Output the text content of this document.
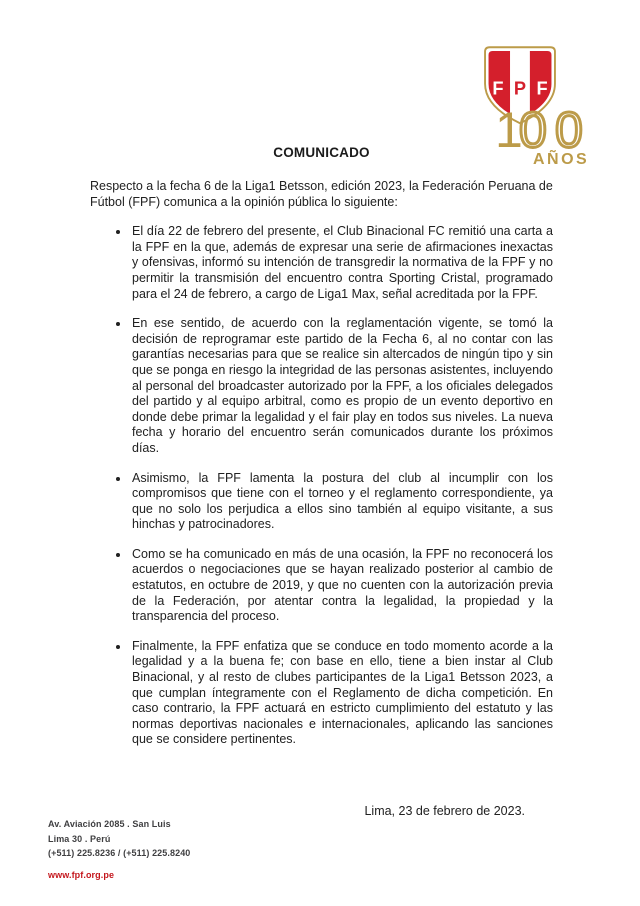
F P F
1
0 0
AÑOS
COMUNICADO

Respecto a la fecha 6 de la Liga1 Betsson, edición 2023, la Federación Peruana de Fútbol (FPF) comunica a la opinión pública lo siguiente:

• El día 22 de febrero del presente, el Club Binacional FC remitió una carta a la FPF en la que, además de expresar una serie de afirmaciones inexactas y ofensivas, informó su intención de transgredir la normativa de la FPF y no permitir la transmisión del encuentro contra Sporting Cristal, programado para el 24 de febrero, a cargo de Liga1 Max, señal acreditada por la FPF.
• En ese sentido, de acuerdo con la reglamentación vigente, se tomó la decisión de reprogramar este partido de la Fecha 6, al no contar con las garantías necesarias para que se realice sin altercados de ningún tipo y sin que se ponga en riesgo la integridad de las personas asistentes, incluyendo al personal del broadcaster autorizado por la FPF, a los oficiales delegados del partido y al equipo arbitral, como es propio de un evento deportivo en donde debe primar la legalidad y el fair play en todos sus niveles. La nueva fecha y horario del encuentro serán comunicados durante los próximos días.
• Asimismo, la FPF lamenta la postura del club al incumplir con los compromisos que tiene con el torneo y el reglamento correspondiente, ya que no solo los perjudica a ellos sino también al equipo visitante, a sus hinchas y patrocinadores.
• Como se ha comunicado en más de una ocasión, la FPF no reconocerá los acuerdos o negociaciones que se hayan realizado posterior al cambio de estatutos, en octubre de 2019, y que no cuenten con la autorización previa de la Federación, por atentar contra la legalidad, la propiedad y la transparencia del proceso.
• Finalmente, la FPF enfatiza que se conduce en todo momento acorde a la legalidad y a la buena fe; con base en ello, tiene a bien instar al Club Binacional, y al resto de clubes participantes de la Liga1 Betsson 2023, a que cumplan íntegramente con el Reglamento de dicha competición. En caso contrario, la FPF actuará en estricto cumplimiento del estatuto y las normas deportivas nacionales e internacionales, aplicando las sanciones que se considere pertinentes.
Lima, 23 de febrero de 2023.
Av. Aviación 2085 . San Luis
Lima 30 . Perú
(+511) 225.8236 / (+511) 225.8240
www.fpf.org.pe
